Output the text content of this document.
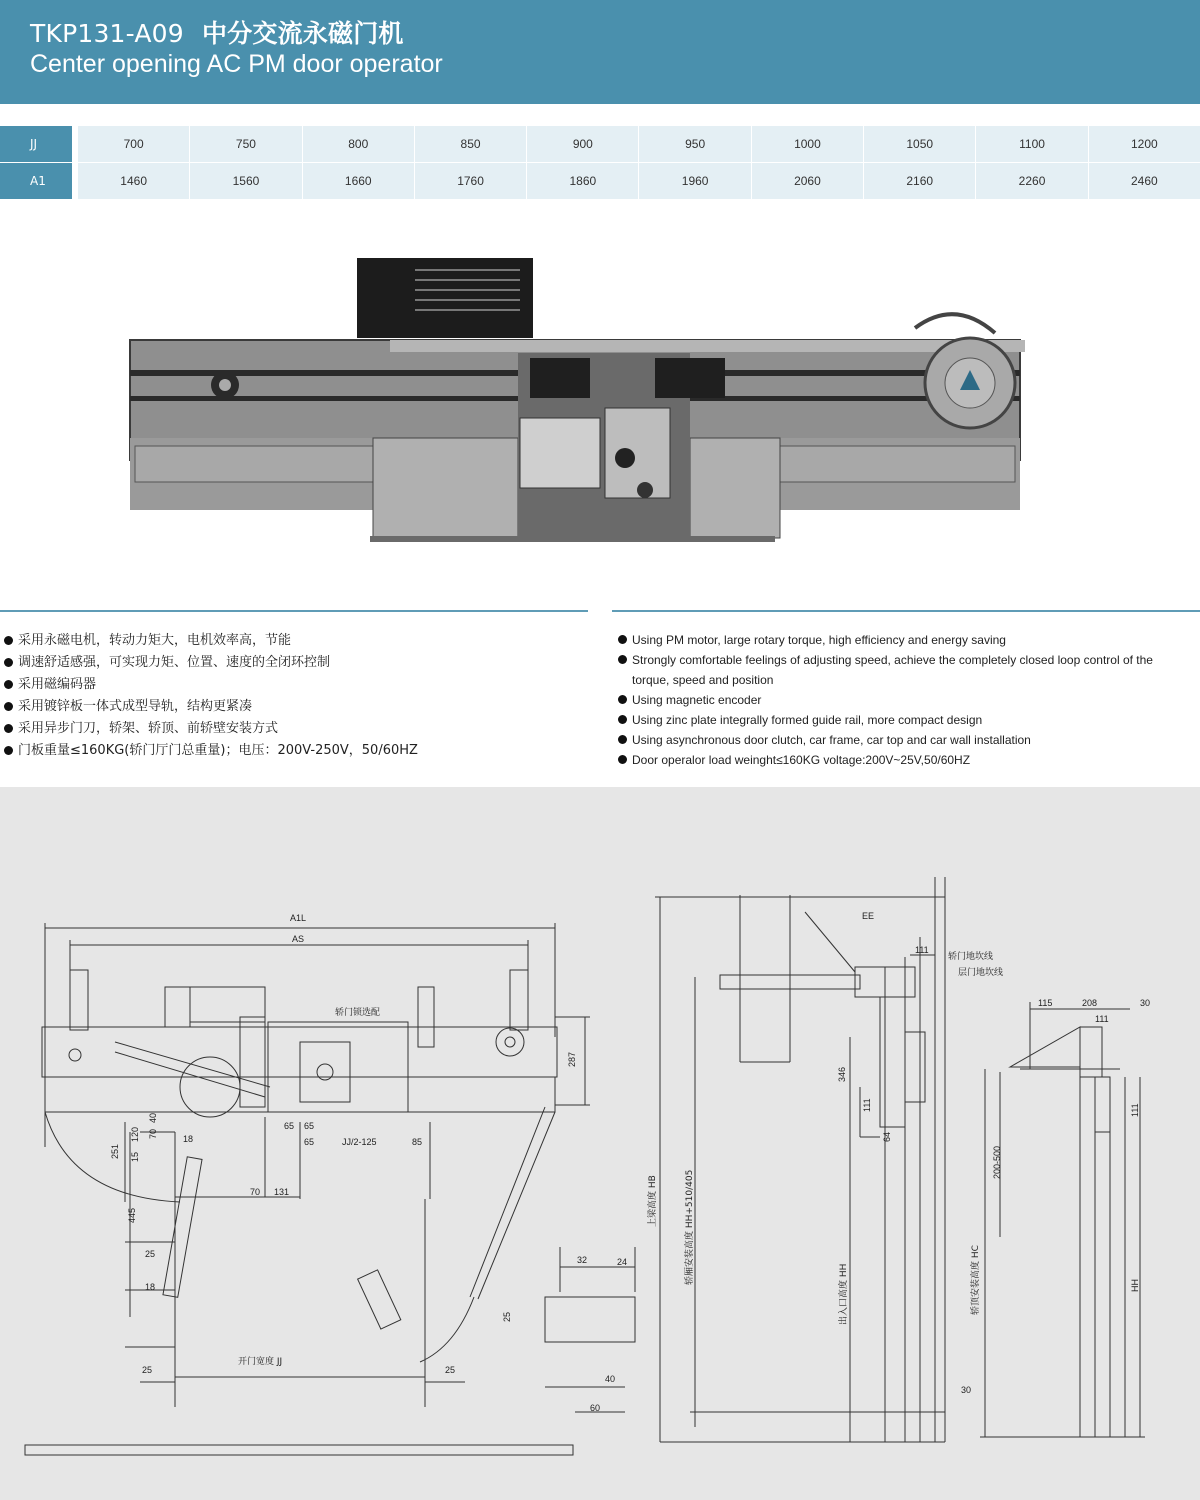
TKP131-A09 中分交流永磁门机
Center opening AC PM door operator
JJ	700	750	800	850	900	950	1000	1050	1100	1200
A1	1460	1560	1660	1760	1860	1960	2060	2160	2260	2460
采用永磁电机，转动力矩大，电机效率高，节能
调速舒适感强，可实现力矩、位置、速度的全闭环控制
采用磁编码器
采用镀锌板一体式成型导轨，结构更紧凑
采用异步门刀，轿架、轿顶、前轿壁安装方式
门板重量≤160KG(轿门厅门总重量)；电压：200V-250V，50/60HZ
Using PM motor, large rotary torque, high efficiency and energy saving
Strongly comfortable feelings of adjusting speed, achieve the completely closed loop control of the
torque, speed and position
Using magnetic encoder
Using zinc plate integrally formed guide rail, more compact design
Using asynchronous door clutch, car frame, car top and car wall installation
Door operalor load weinght≤160KG voltage:200V~25V,50/60HZ
A1L
AS
轿门锁选配
287
251
120
15
70
40
18
65 65
65	JJ/2-125	85
70 131
445
25
18
25	25
开门宽度 JJ
EE
111
轿门地坎线
层门地坎线
115	208	30
111
111
346
111
64
200-500
上梁高度 HB	轿厢安装高度 HH+510/405
出入口高度 HH	轿顶安装高度 HC	HH
32	24
25
40
60
30
